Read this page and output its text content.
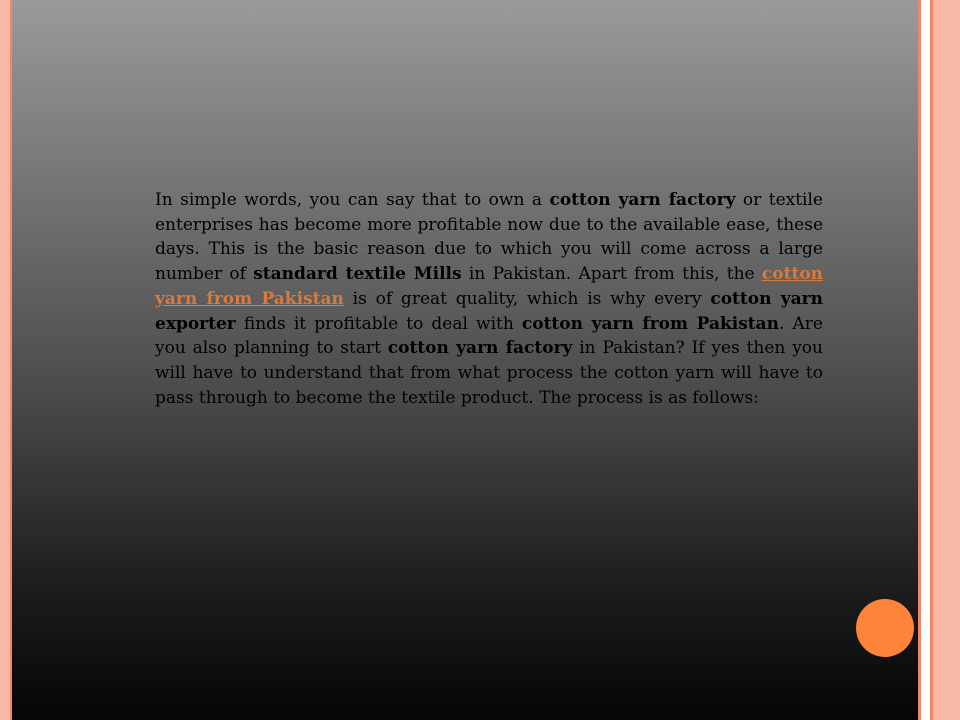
In simple words, you can say that to own a cotton yarn factory or textile enterprises has become more profitable now due to the available ease, these days. This is the basic reason due to which you will come across a large number of standard textile Mills in Pakistan. Apart from this, the cotton yarn from Pakistan is of great quality, which is why every cotton yarn exporter finds it profitable to deal with cotton yarn from Pakistan. Are you also planning to start cotton yarn factory in Pakistan? If yes then you will have to understand that from what process the cotton yarn will have to pass through to become the textile product. The process is as follows:
